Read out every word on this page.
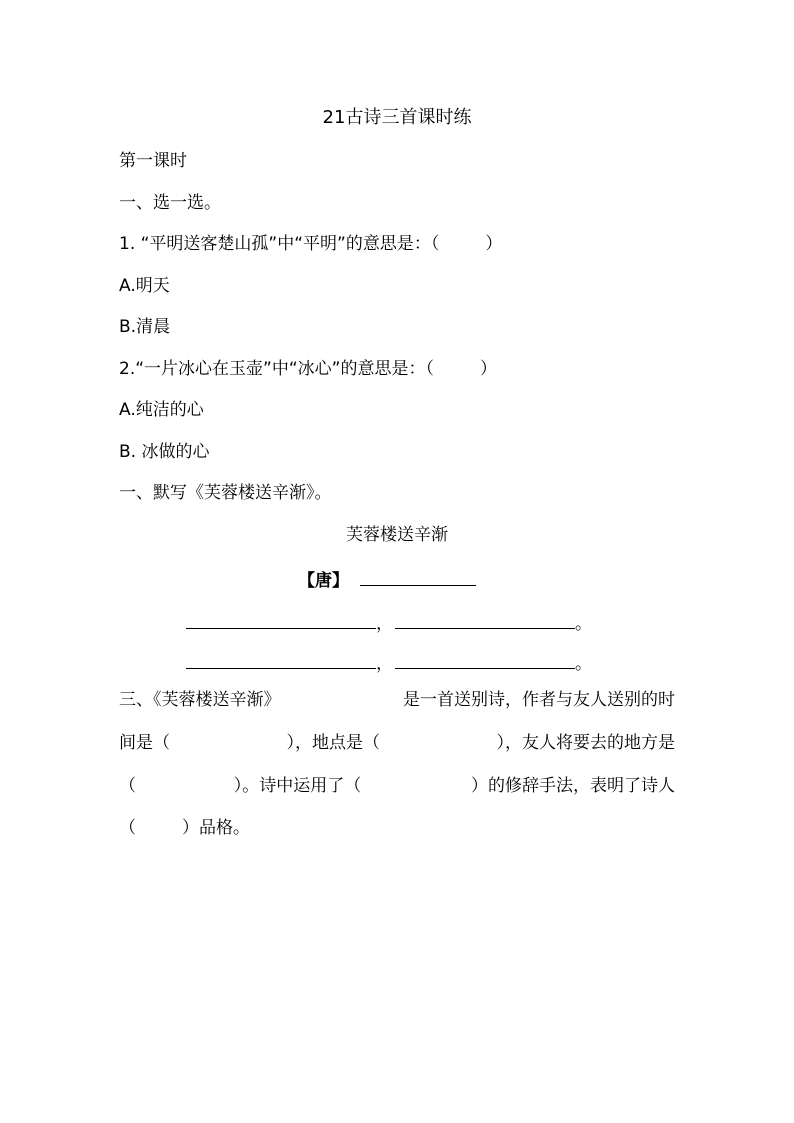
21古诗三首课时练
第一课时
一、选一选。
1. “平明送客楚山孤”中“平明”的意思是：（	）
A.明天
B.清晨
2.“一片冰心在玉壶”中“冰心”的意思是：（	）
A.纯洁的心
B. 冰做的心
一、默写《芙蓉楼送辛渐》。
芙蓉楼送辛渐
【唐】
，	。
，	。
三、《芙蓉楼送辛渐》	是一首送别诗，作者与友人送别的时
间是（	），地点是（	），友人将要去的地方是
（	）。诗中运用了（	）的修辞手法，表明了诗人
（	）品格。
